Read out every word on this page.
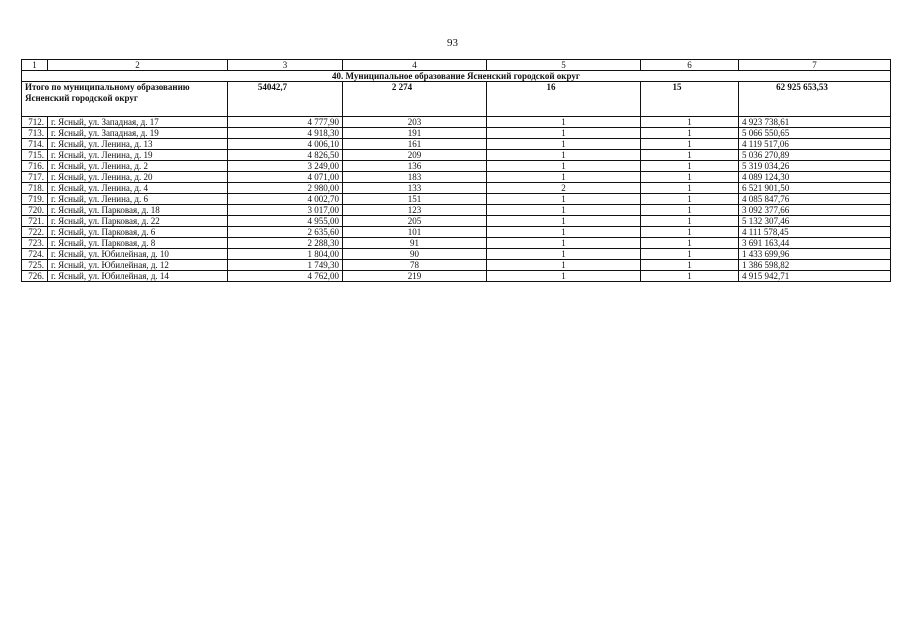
93
1	2	3	4	5	6	7
40. Муниципальное образование Ясненский городской округ						
Итого по муниципальному образованию Ясненский городской округ		54042,7	2 274	16	15	62 925 653,53
712.	г. Ясный, ул. Западная, д. 17	4 777,90	203	1	1	4 923 738,61
713.	г. Ясный, ул. Западная, д. 19	4 918,30	191	1	1	5 066 550,65
714.	г. Ясный, ул. Ленина, д. 13	4 006,10	161	1	1	4 119 517,06
715.	г. Ясный, ул. Ленина, д. 19	4 826,50	209	1	1	5 036 270,89
716.	г. Ясный, ул. Ленина, д. 2	3 249,00	136	1	1	5 319 034,26
717.	г. Ясный, ул. Ленина, д. 20	4 071,00	183	1	1	4 089 124,30
718.	г. Ясный, ул. Ленина, д. 4	2 980,00	133	2	1	6 521 901,50
719.	г. Ясный, ул. Ленина, д. 6	4 002,70	151	1	1	4 085 847,76
720.	г. Ясный, ул. Парковая, д. 18	3 017,00	123	1	1	3 092 377,66
721.	г. Ясный, ул. Парковая, д. 22	4 955,00	205	1	1	5 132 307,46
722.	г. Ясный, ул. Парковая, д. 6	2 635,60	101	1	1	4 111 578,45
723.	г. Ясный, ул. Парковая, д. 8	2 288,30	91	1	1	3 691 163,44
724.	г. Ясный, ул. Юбилейная, д. 10	1 804,00	90	1	1	1 433 699,96
725.	г. Ясный, ул. Юбилейная, д. 12	1 749,30	78	1	1	1 386 598,82
726.	г. Ясный, ул. Юбилейная, д. 14	4 762,00	219	1	1	4 915 942,71
